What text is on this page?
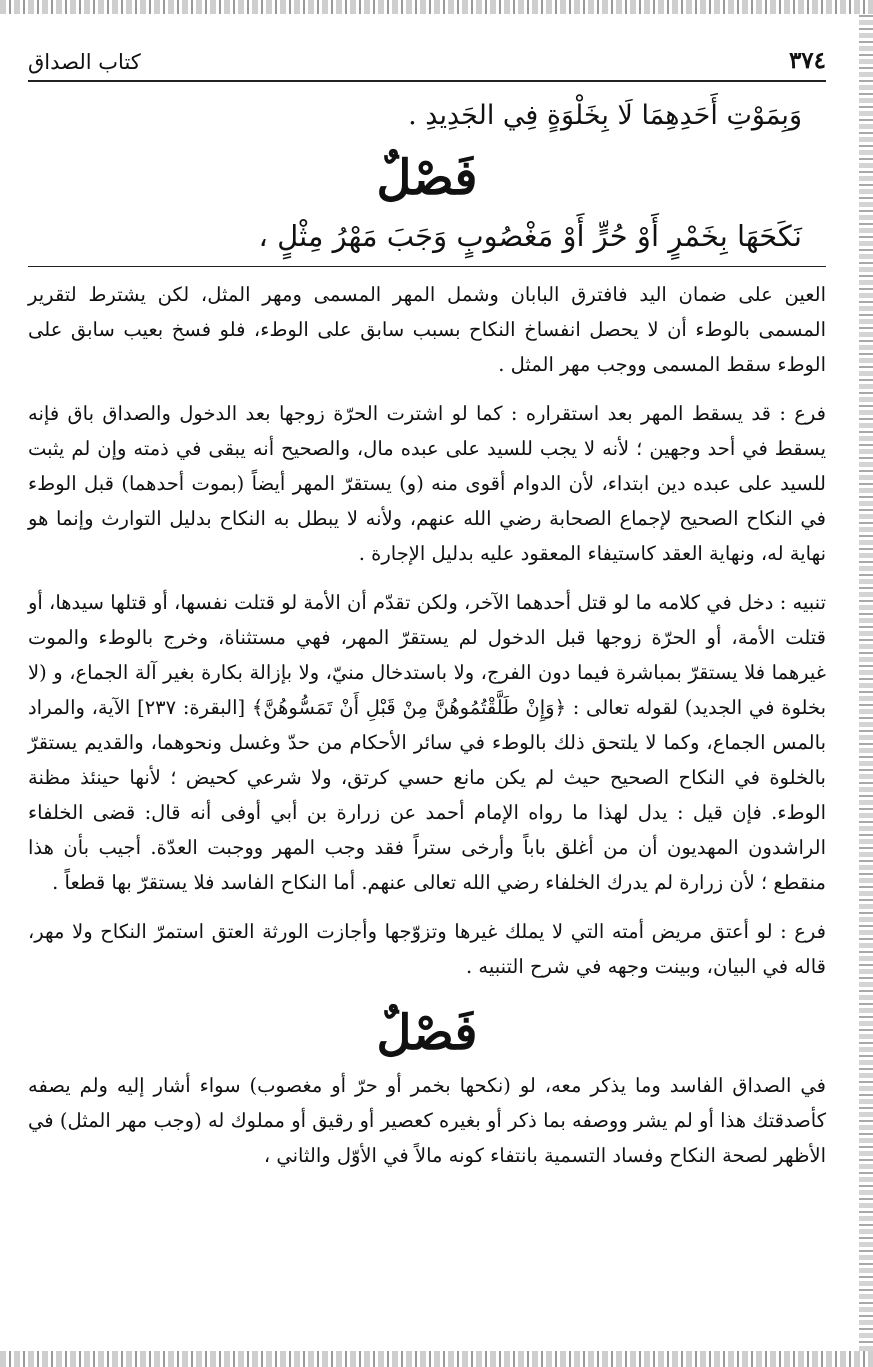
٣٧٤
كتاب الصداق
وَبِمَوْتِ أَحَدِهِمَا لَا بِخَلْوَةٍ فِي الجَدِيدِ .
فَصْلٌ
نَكَحَهَا بِخَمْرٍ أَوْ حُرٍّ أَوْ مَغْصُوبٍ وَجَبَ مَهْرُ مِثْلٍ ،

العين على ضمان اليد فافترق البابان وشمل المهر المسمى ومهر المثل، لكن يشترط لتقرير المسمى بالوطء أن لا يحصل انفساخ النكاح بسبب سابق على الوطء، فلو فسخ بعيب سابق على الوطء سقط المسمى ووجب مهر المثل .

فرع : قد يسقط المهر بعد استقراره : كما لو اشترت الحرّة زوجها بعد الدخول والصداق باق فإنه يسقط في أحد وجهين ؛ لأنه لا يجب للسيد على عبده مال، والصحيح أنه يبقى في ذمته وإن لم يثبت للسيد على عبده دين ابتداء، لأن الدوام أقوى منه (و) يستقرّ المهر أيضاً (بموت أحدهما) قبل الوطء في النكاح الصحيح لإجماع الصحابة رضي الله عنهم، ولأنه لا يبطل به النكاح بدليل التوارث وإنما هو نهاية له، ونهاية العقد كاستيفاء المعقود عليه بدليل الإجارة .

تنبيه : دخل في كلامه ما لو قتل أحدهما الآخر، ولكن تقدّم أن الأمة لو قتلت نفسها، أو قتلها سيدها، أو قتلت الأمة، أو الحرّة زوجها قبل الدخول لم يستقرّ المهر، فهي مستثناة، وخرج بالوطء والموت غيرهما فلا يستقرّ بمباشرة فيما دون الفرج، ولا باستدخال منيّ، ولا بإزالة بكارة بغير آلة الجماع، و (لا بخلوة في الجديد) لقوله تعالى : ﴿وَإِنْ طَلَّقْتُمُوهُنَّ مِنْ قَبْلِ أَنْ تَمَسُّوهُنَّ﴾ [البقرة: ٢٣٧] الآية، والمراد بالمس الجماع، وكما لا يلتحق ذلك بالوطء في سائر الأحكام من حدّ وغسل ونحوهما، والقديم يستقرّ بالخلوة في النكاح الصحيح حيث لم يكن مانع حسي كرتق، ولا شرعي كحيض ؛ لأنها حينئذ مظنة الوطء. فإن قيل : يدل لهذا ما رواه الإمام أحمد عن زرارة بن أبي أوفى أنه قال: قضى الخلفاء الراشدون المهديون أن من أغلق باباً وأرخى ستراً فقد وجب المهر ووجبت العدّة. أجيب بأن هذا منقطع ؛ لأن زرارة لم يدرك الخلفاء رضي الله تعالى عنهم. أما النكاح الفاسد فلا يستقرّ بها قطعاً .

فرع : لو أعتق مريض أمته التي لا يملك غيرها وتزوّجها وأجازت الورثة العتق استمرّ النكاح ولا مهر، قاله في البيان، وبينت وجهه في شرح التنبيه .

فَصْلٌ

في الصداق الفاسد وما يذكر معه، لو (نكحها بخمر أو حرّ أو مغصوب) سواء أشار إليه ولم يصفه كأصدقتك هذا أو لم يشر ووصفه بما ذكر أو بغيره كعصير أو رقيق أو مملوك له (وجب مهر المثل) في الأظهر لصحة النكاح وفساد التسمية بانتفاء كونه مالاً في الأوّل والثاني ،
